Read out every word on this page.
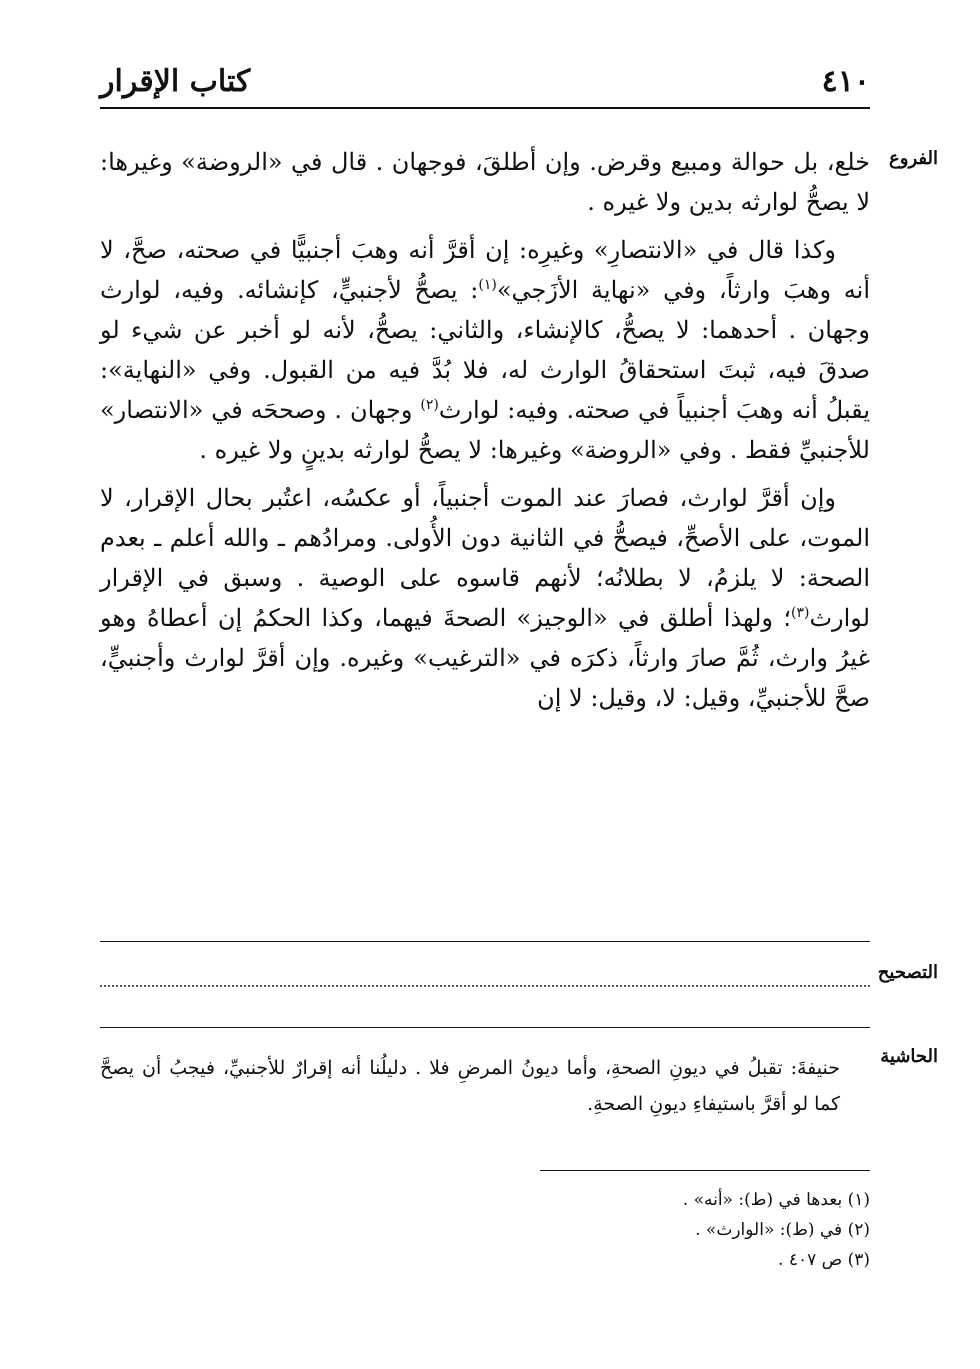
٤١٠
كتاب الإقرار
الفروع

خلع، بل حوالة ومبيع وقرض. وإن أطلقَ، فوجهان . قال في «الروضة» وغيرها: لا يصحُّ لوارثه بدين ولا غيره .

وكذا قال في «الانتصارِ» وغيرِه: إن أقرَّ أنه وهبَ أجنبيًّا في صحته، صحَّ، لا أنه وهبَ وارثاً، وفي «نهاية الأزَجي»$^{(١)}$: يصحُّ لأجنبيٍّ، كإنشائه. وفيه، لوارث وجهان . أحدهما: لا يصحُّ، كالإنشاء، والثاني: يصحُّ، لأنه لو أخبر عن شيء لو صدقَ فيه، ثبتَ استحقاقُ الوارث له، فلا بُدَّ فيه من القبول. وفي «النهاية»: يقبلُ أنه وهبَ أجنبياً في صحته. وفيه: لوارث$^{(٢)}$ وجهان . وصححَه في «الانتصار» للأجنبيِّ فقط . وفي «الروضة» وغيرها: لا يصحُّ لوارثه بدينٍ ولا غيره .

وإن أقرَّ لوارث، فصارَ عند الموت أجنبياً، أو عكسُه، اعتُبر بحال الإقرار، لا الموت، على الأصحِّ، فيصحُّ في الثانية دون الأُولى. ومرادُهم ـ والله أعلم ـ بعدم الصحة: لا يلزمُ، لا بطلانُه؛ لأنهم قاسوه على الوصية . وسبق في الإقرار لوارث$^{(٣)}$؛ ولهذا أطلق في «الوجيز» الصحةَ فيهما، وكذا الحكمُ إن أعطاهُ وهو غيرُ وارث، ثُمَّ صارَ وارثاً، ذكرَه في «الترغيب» وغيره. وإن أقرَّ لوارث وأجنبيٍّ، صحَّ للأجنبيِّ، وقيل: لا، وقيل: لا إن

التصحيح
الحاشية
حنيفةَ: تقبلُ في ديونِ الصحةِ، وأما ديونُ المرضِ فلا . دليلُنا أنه إقرارٌ للأجنبيِّ، فيجبُ أن يصحَّ كما لو أقرَّ باستيفاءِ ديونِ الصحةِ.
(١) بعدها في (ط): «أنه» .
(٢) في (ط): «الوارث» .
(٣) ص ٤٠٧ .
